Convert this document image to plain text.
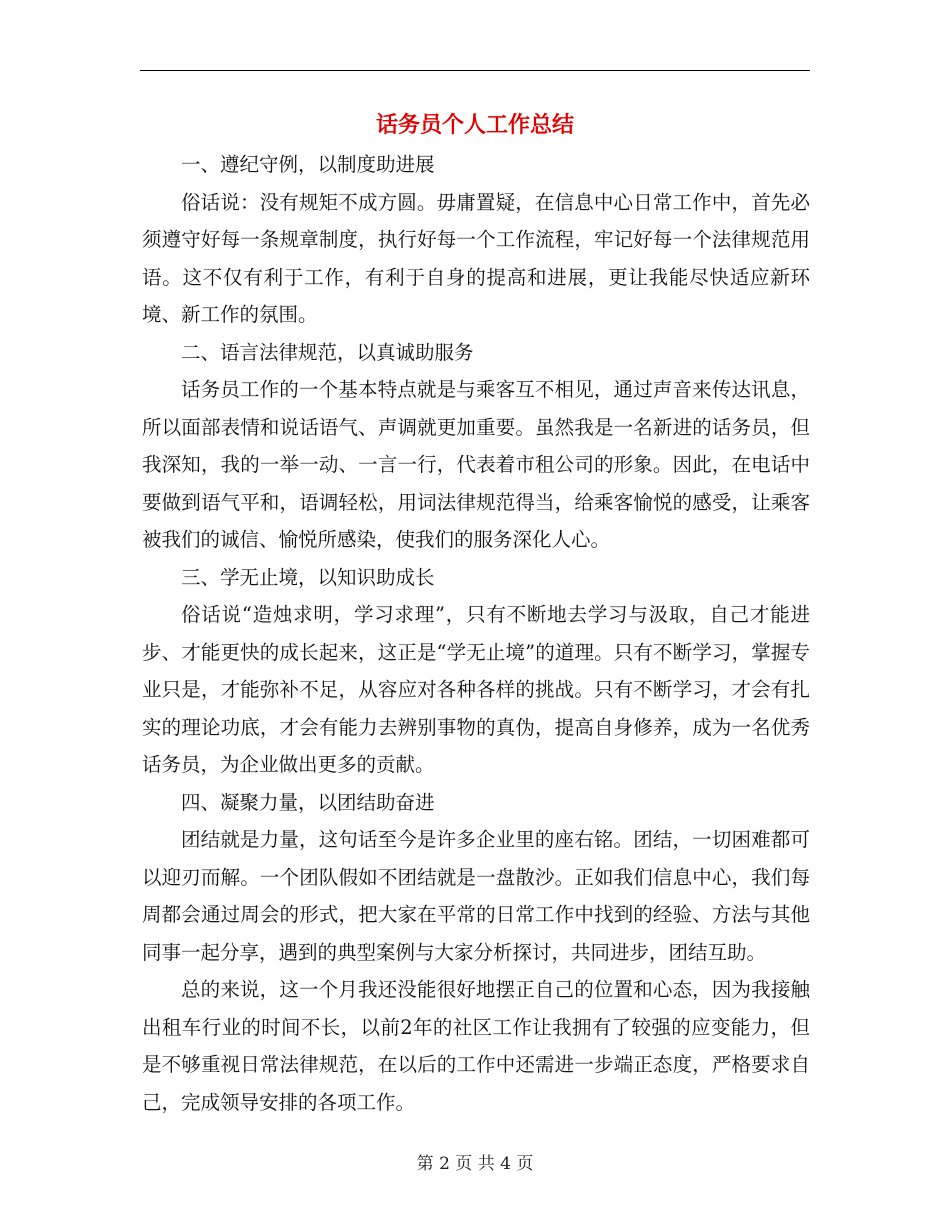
话务员个人工作总结

一、遵纪守例，以制度助进展

俗话说：没有规矩不成方圆。毋庸置疑，在信息中心日常工作中，首先必须遵守好每一条规章制度，执行好每一个工作流程，牢记好每一个法律规范用语。这不仅有利于工作，有利于自身的提高和进展，更让我能尽快适应新环境、新工作的氛围。

二、语言法律规范，以真诚助服务

话务员工作的一个基本特点就是与乘客互不相见，通过声音来传达讯息，所以面部表情和说话语气、声调就更加重要。虽然我是一名新进的话务员，但我深知，我的一举一动、一言一行，代表着市租公司的形象。因此，在电话中要做到语气平和，语调轻松，用词法律规范得当，给乘客愉悦的感受，让乘客被我们的诚信、愉悦所感染，使我们的服务深化人心。

三、学无止境，以知识助成长

俗话说“造烛求明，学习求理”，只有不断地去学习与汲取，自己才能进步、才能更快的成长起来，这正是“学无止境”的道理。只有不断学习，掌握专业只是，才能弥补不足，从容应对各种各样的挑战。只有不断学习，才会有扎实的理论功底，才会有能力去辨别事物的真伪，提高自身修养，成为一名优秀话务员，为企业做出更多的贡献。

四、凝聚力量，以团结助奋进

团结就是力量，这句话至今是许多企业里的座右铭。团结，一切困难都可以迎刃而解。一个团队假如不团结就是一盘散沙。正如我们信息中心，我们每周都会通过周会的形式，把大家在平常的日常工作中找到的经验、方法与其他同事一起分享，遇到的典型案例与大家分析探讨，共同进步，团结互助。

总的来说，这一个月我还没能很好地摆正自己的位置和心态，因为我接触出租车行业的时间不长，以前2年的社区工作让我拥有了较强的应变能力，但是不够重视日常法律规范，在以后的工作中还需进一步端正态度，严格要求自己，完成领导安排的各项工作。

第 2 页 共 4 页
